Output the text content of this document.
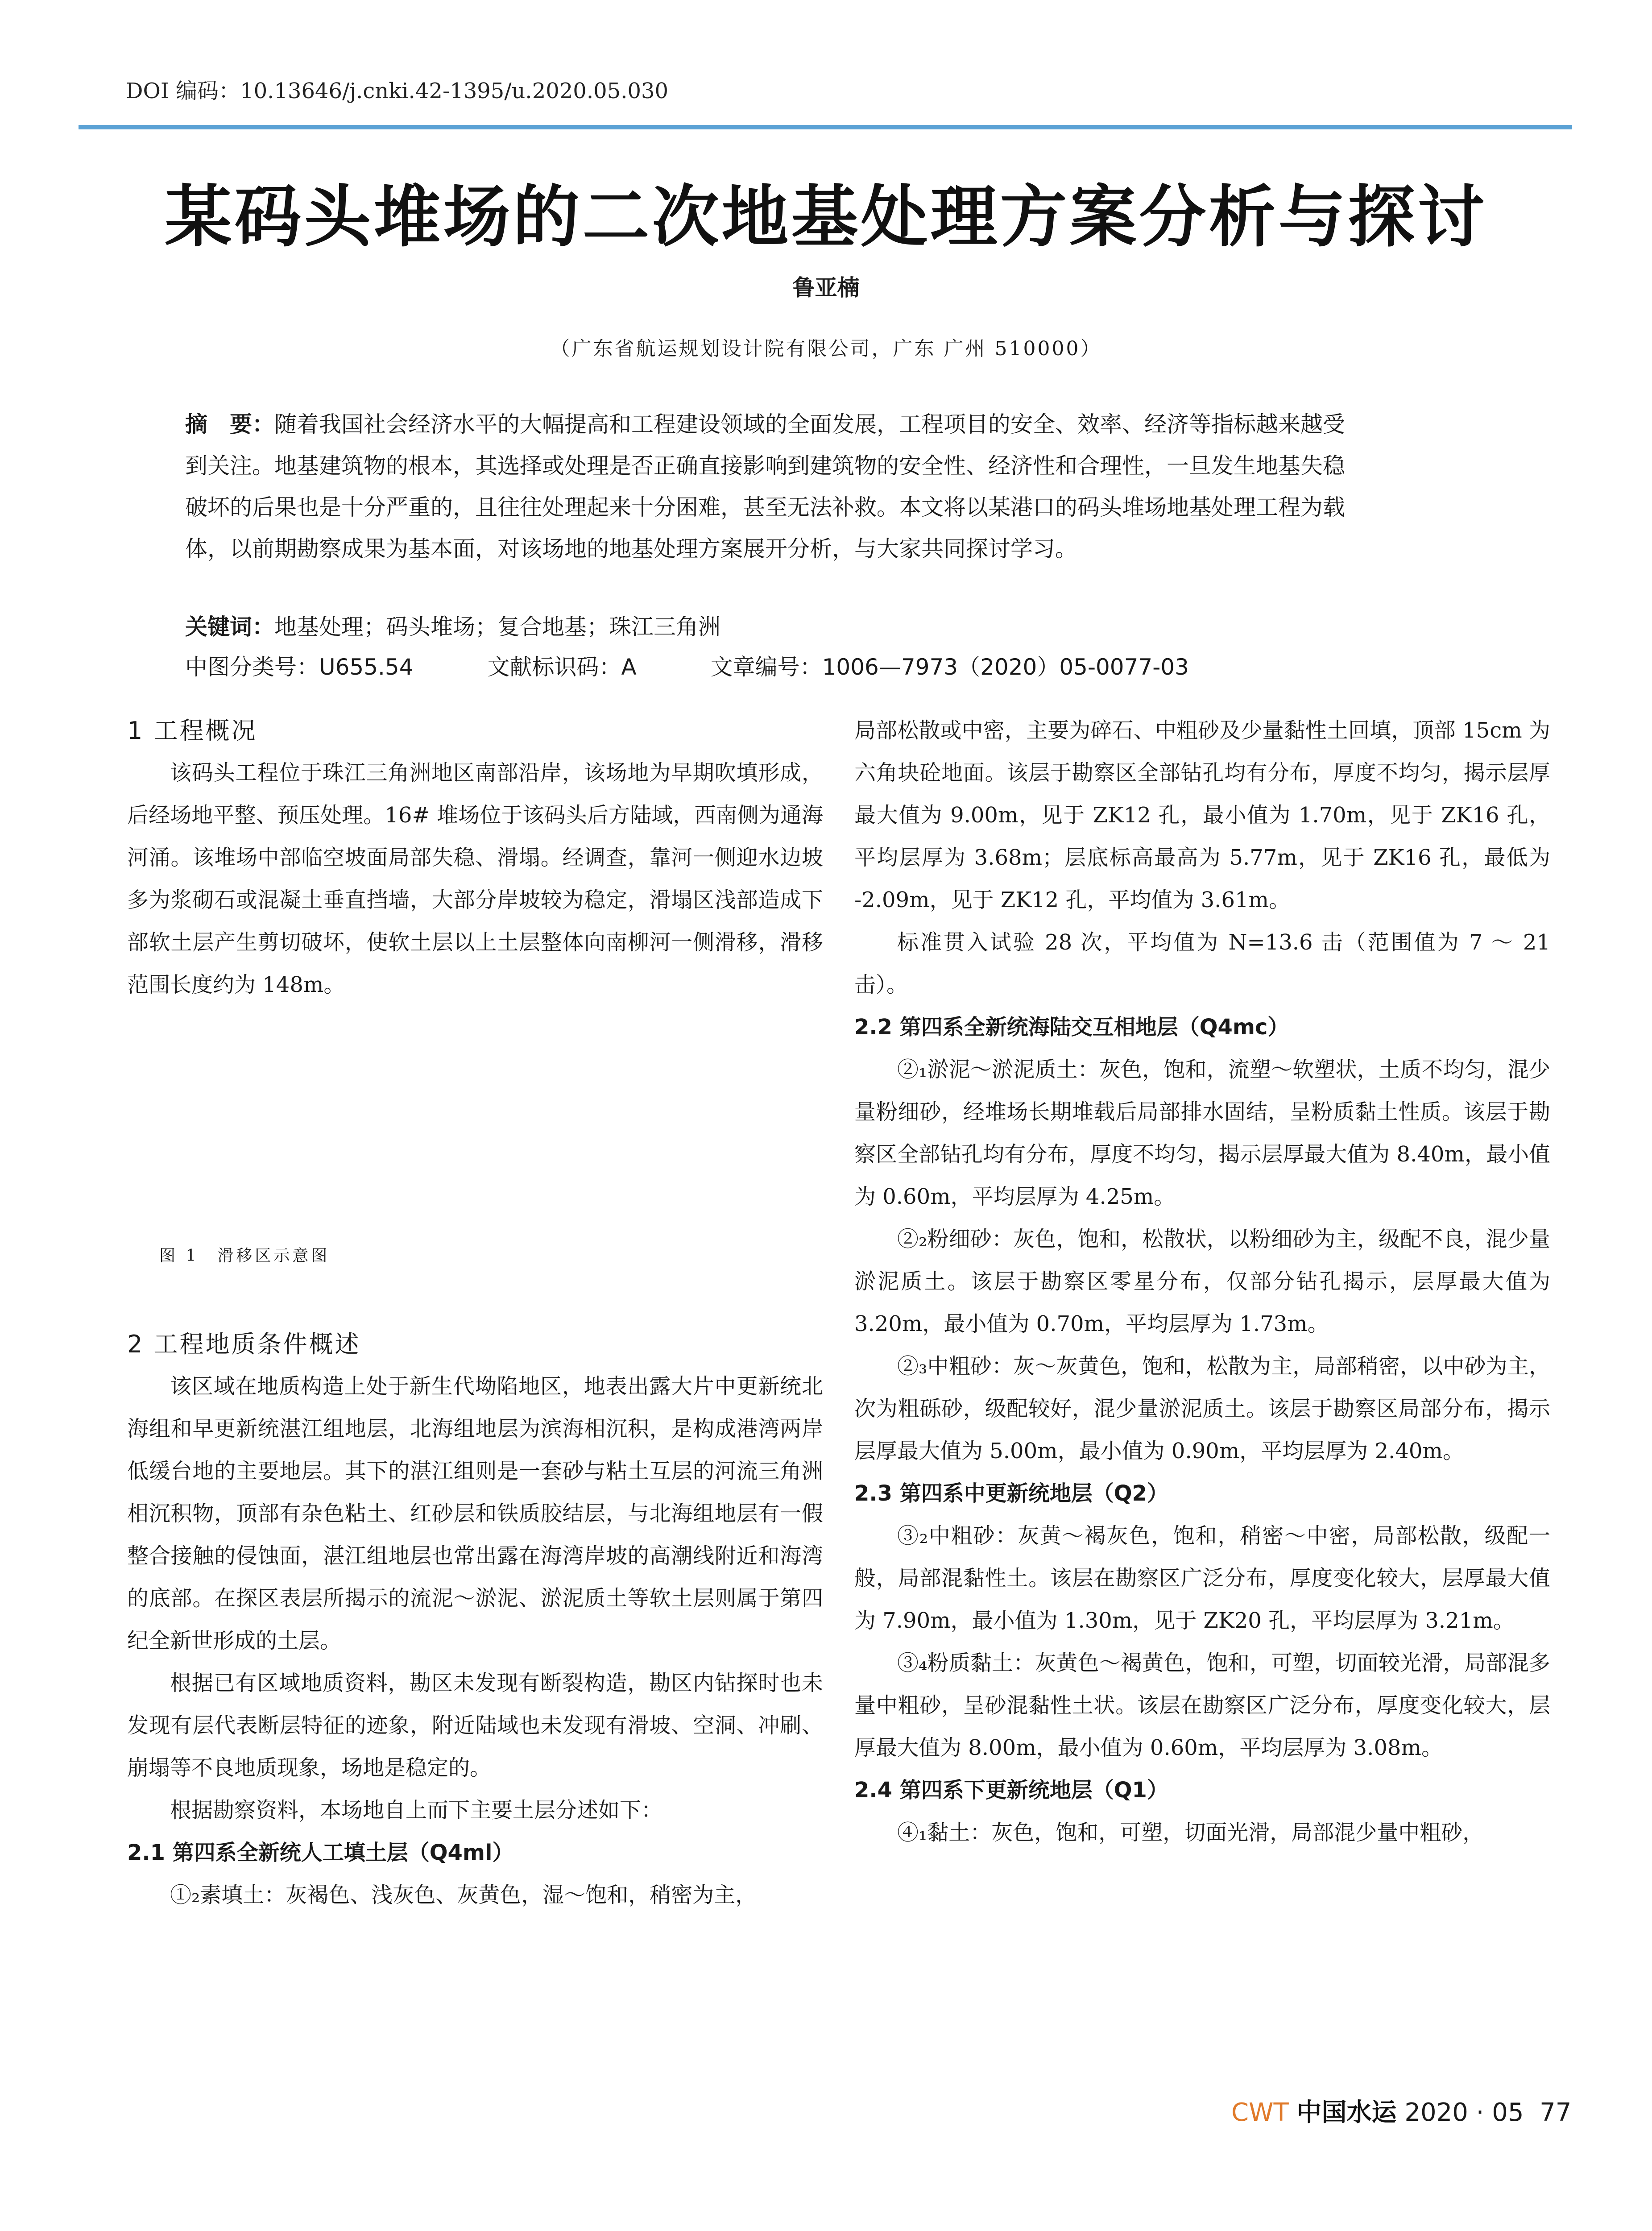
DOI 编码：10.13646/j.cnki.42-1395/u.2020.05.030
某码头堆场的二次地基处理方案分析与探讨
鲁亚楠
（广东省航运规划设计院有限公司，广东 广州 510000）
摘　要：随着我国社会经济水平的大幅提高和工程建设领域的全面发展，工程项目的安全、效率、经济等指标越来越受
到关注。地基建筑物的根本，其选择或处理是否正确直接影响到建筑物的安全性、经济性和合理性，一旦发生地基失稳
破坏的后果也是十分严重的，且往往处理起来十分困难，甚至无法补救。本文将以某港口的码头堆场地基处理工程为载
体，以前期勘察成果为基本面，对该场地的地基处理方案展开分析，与大家共同探讨学习。
关键词：地基处理；码头堆场；复合地基；珠江三角洲
中图分类号：U655.54	文献标识码：A	文章编号：1006—7973（2020）05-0077-03

1 工程概况

该码头工程位于珠江三角洲地区南部沿岸，该场地为早期吹填形成，后经场地平整、预压处理。16# 堆场位于该码头后方陆域，西南侧为通海河涌。该堆场中部临空坡面局部失稳、滑塌。经调查，靠河一侧迎水边坡多为浆砌石或混凝土垂直挡墙，大部分岸坡较为稳定，滑塌区浅部造成下部软土层产生剪切破坏，使软土层以上土层整体向南柳河一侧滑移，滑移范围长度约为 148m。

图 1　滑移区示意图

2 工程地质条件概述

该区域在地质构造上处于新生代坳陷地区，地表出露大片中更新统北海组和早更新统湛江组地层，北海组地层为滨海相沉积，是构成港湾两岸低缓台地的主要地层。其下的湛江组则是一套砂与粘土互层的河流三角洲相沉积物，顶部有杂色粘土、红砂层和铁质胶结层，与北海组地层有一假整合接触的侵蚀面，湛江组地层也常出露在海湾岸坡的高潮线附近和海湾的底部。在探区表层所揭示的流泥～淤泥、淤泥质土等软土层则属于第四纪全新世形成的土层。

根据已有区域地质资料，勘区未发现有断裂构造，勘区内钻探时也未发现有层代表断层特征的迹象，附近陆域也未发现有滑坡、空洞、冲刷、崩塌等不良地质现象，场地是稳定的。

根据勘察资料，本场地自上而下主要土层分述如下：

2.1 第四系全新统人工填土层（Q4ml）

①₂素填土：灰褐色、浅灰色、灰黄色，湿～饱和，稍密为主，

局部松散或中密，主要为碎石、中粗砂及少量黏性土回填，顶部 15cm 为六角块砼地面。该层于勘察区全部钻孔均有分布，厚度不均匀，揭示层厚最大值为 9.00m，见于 ZK12 孔，最小值为 1.70m，见于 ZK16 孔，平均层厚为 3.68m；层底标高最高为 5.77m，见于 ZK16 孔，最低为 -2.09m，见于 ZK12 孔，平均值为 3.61m。

标准贯入试验 28 次，平均值为 N=13.6 击（范围值为 7 ～ 21 击）。

2.2 第四系全新统海陆交互相地层（Q4mc）

②₁淤泥～淤泥质土：灰色，饱和，流塑～软塑状，土质不均匀，混少量粉细砂，经堆场长期堆载后局部排水固结，呈粉质黏土性质。该层于勘察区全部钻孔均有分布，厚度不均匀，揭示层厚最大值为 8.40m，最小值为 0.60m，平均层厚为 4.25m。

②₂粉细砂：灰色，饱和，松散状，以粉细砂为主，级配不良，混少量淤泥质土。该层于勘察区零星分布，仅部分钻孔揭示，层厚最大值为 3.20m，最小值为 0.70m，平均层厚为 1.73m。

②₃中粗砂：灰～灰黄色，饱和，松散为主，局部稍密，以中砂为主，次为粗砾砂，级配较好，混少量淤泥质土。该层于勘察区局部分布，揭示层厚最大值为 5.00m，最小值为 0.90m，平均层厚为 2.40m。

2.3 第四系中更新统地层（Q2）

③₂中粗砂：灰黄～褐灰色，饱和，稍密～中密，局部松散，级配一般，局部混黏性土。该层在勘察区广泛分布，厚度变化较大，层厚最大值为 7.90m，最小值为 1.30m，见于 ZK20 孔，平均层厚为 3.21m。

③₄粉质黏土：灰黄色～褐黄色，饱和，可塑，切面较光滑，局部混多量中粗砂，呈砂混黏性土状。该层在勘察区广泛分布，厚度变化较大，层厚最大值为 8.00m，最小值为 0.60m，平均层厚为 3.08m。

2.4 第四系下更新统地层（Q1）

④₁黏土：灰色，饱和，可塑，切面光滑，局部混少量中粗砂，

CWT 中国水运 2020 · 05 77
